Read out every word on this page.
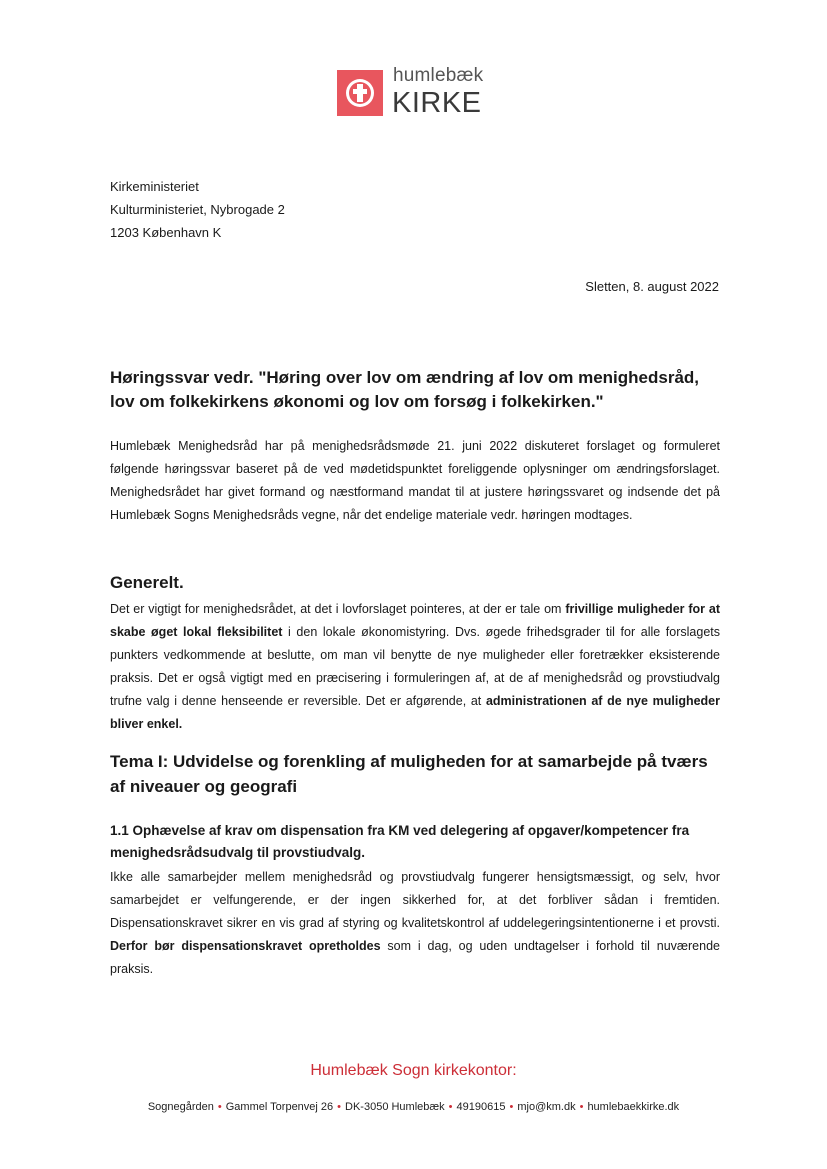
humlebæk
KIRKE
Kirkeministeriet
Kulturministeriet, Nybrogade 2
1203 København K
Sletten, 8. august 2022
Høringssvar vedr. "Høring over lov om ændring af lov om menighedsråd, lov om folkekirkens økonomi og lov om forsøg i folkekirken."

Humlebæk Menighedsråd har på menighedsrådsmøde 21. juni 2022 diskuteret forslaget og formuleret følgende høringssvar baseret på de ved mødetidspunktet foreliggende oplysninger om ændringsforslaget. Menighedsrådet har givet formand og næstformand mandat til at justere høringssvaret og indsende det på Humlebæk Sogns Menighedsråds vegne, når det endelige materiale vedr. høringen modtages.

Generelt.

Det er vigtigt for menighedsrådet, at det i lovforslaget pointeres, at der er tale om frivillige muligheder for at skabe øget lokal fleksibilitet i den lokale økonomistyring. Dvs. øgede frihedsgrader til for alle forslagets punkters vedkommende at beslutte, om man vil benytte de nye muligheder eller foretrækker eksisterende praksis. Det er også vigtigt med en præcisering i formuleringen af, at de af menighedsråd og provstiudvalg trufne valg i denne henseende er reversible. Det er afgørende, at administrationen af de nye muligheder bliver enkel.

Tema I: Udvidelse og forenkling af muligheden for at samarbejde på tværs af niveauer og geografi
1.1 Ophævelse af krav om dispensation fra KM ved delegering af opgaver/kompetencer fra menighedsrådsudvalg til provstiudvalg.

Ikke alle samarbejder mellem menighedsråd og provstiudvalg fungerer hensigtsmæssigt, og selv, hvor samarbejdet er velfungerende, er der ingen sikkerhed for, at det forbliver sådan i fremtiden. Dispensationskravet sikrer en vis grad af styring og kvalitetskontrol af uddelegeringsintentionerne i et provsti. Derfor bør dispensationskravet opretholdes som i dag, og uden undtagelser i forhold til nuværende praksis.

Humlebæk Sogn kirkekontor:
Sognegården • Gammel Torpenvej 26 • DK-3050 Humlebæk • 49190615 • mjo@km.dk • humlebaekkirke.dk
